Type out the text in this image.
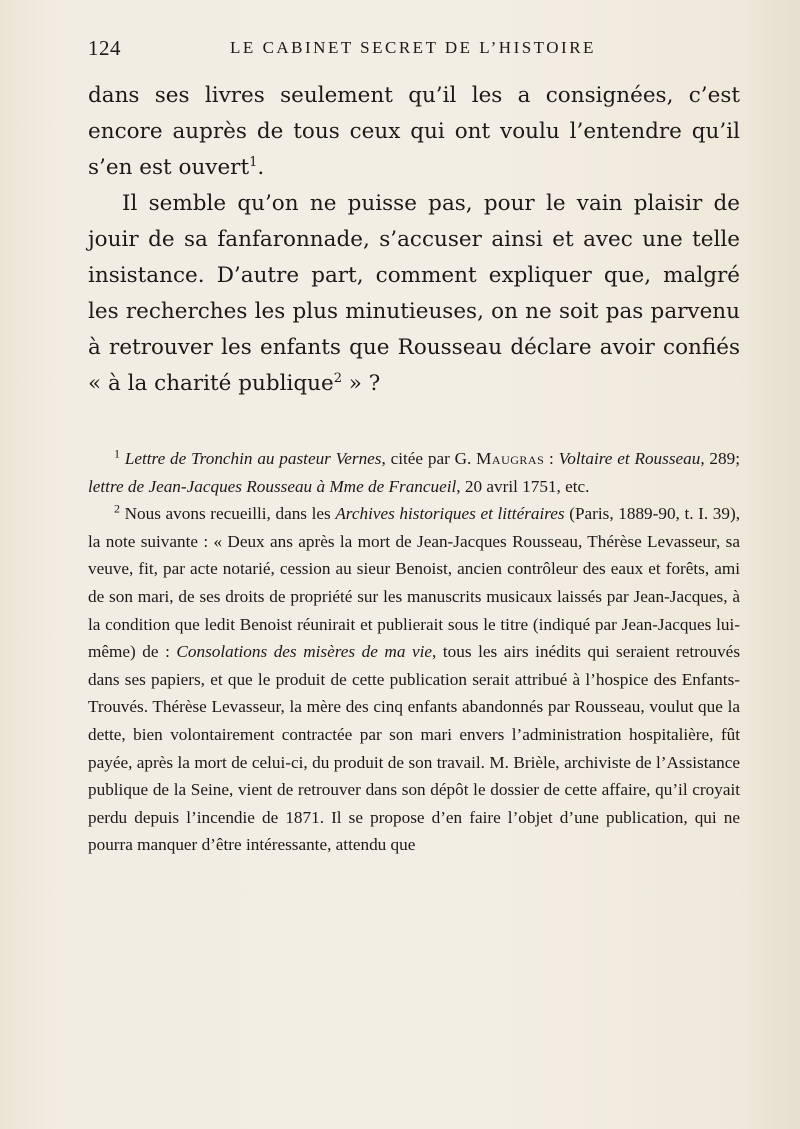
124	LE CABINET SECRET DE L’HISTOIRE

dans ses livres seulement qu’il les a consignées, c’est encore auprès de tous ceux qui ont voulu l’entendre qu’il s’en est ouvert$^1$.

Il semble qu’on ne puisse pas, pour le vain plaisir de jouir de sa fanfaronnade, s’accuser ainsi et avec une telle insistance. D’autre part, comment expliquer que, malgré les recherches les plus minutieuses, on ne soit pas parvenu à retrouver les enfants que Rousseau déclare avoir confiés « à la charité publique$^2$ » ?

$^1$ Lettre de Tronchin au pasteur Vernes, citée par G. Maugras : Voltaire et Rousseau, 289; lettre de Jean-Jacques Rousseau à Mme de Francueil, 20 avril 1751, etc.

$^2$ Nous avons recueilli, dans les Archives historiques et littéraires (Paris, 1889-90, t. I. 39), la note suivante : « Deux ans après la mort de Jean-Jacques Rousseau, Thérèse Levasseur, sa veuve, fit, par acte notarié, cession au sieur Benoist, ancien contrôleur des eaux et forêts, ami de son mari, de ses droits de propriété sur les manuscrits musicaux laissés par Jean-Jacques, à la condition que ledit Benoist réunirait et publierait sous le titre (indiqué par Jean-Jacques lui-même) de : Consolations des misères de ma vie, tous les airs inédits qui seraient retrouvés dans ses papiers, et que le produit de cette publication serait attribué à l’hospice des Enfants-Trouvés. Thérèse Levasseur, la mère des cinq enfants abandonnés par Rousseau, voulut que la dette, bien volontairement contractée par son mari envers l’administration hospitalière, fût payée, après la mort de celui-ci, du produit de son travail. M. Brièle, archiviste de l’Assistance publique de la Seine, vient de retrouver dans son dépôt le dossier de cette affaire, qu’il croyait perdu depuis l’incendie de 1871. Il se propose d’en faire l’objet d’une publication, qui ne pourra manquer d’être intéressante, attendu que
